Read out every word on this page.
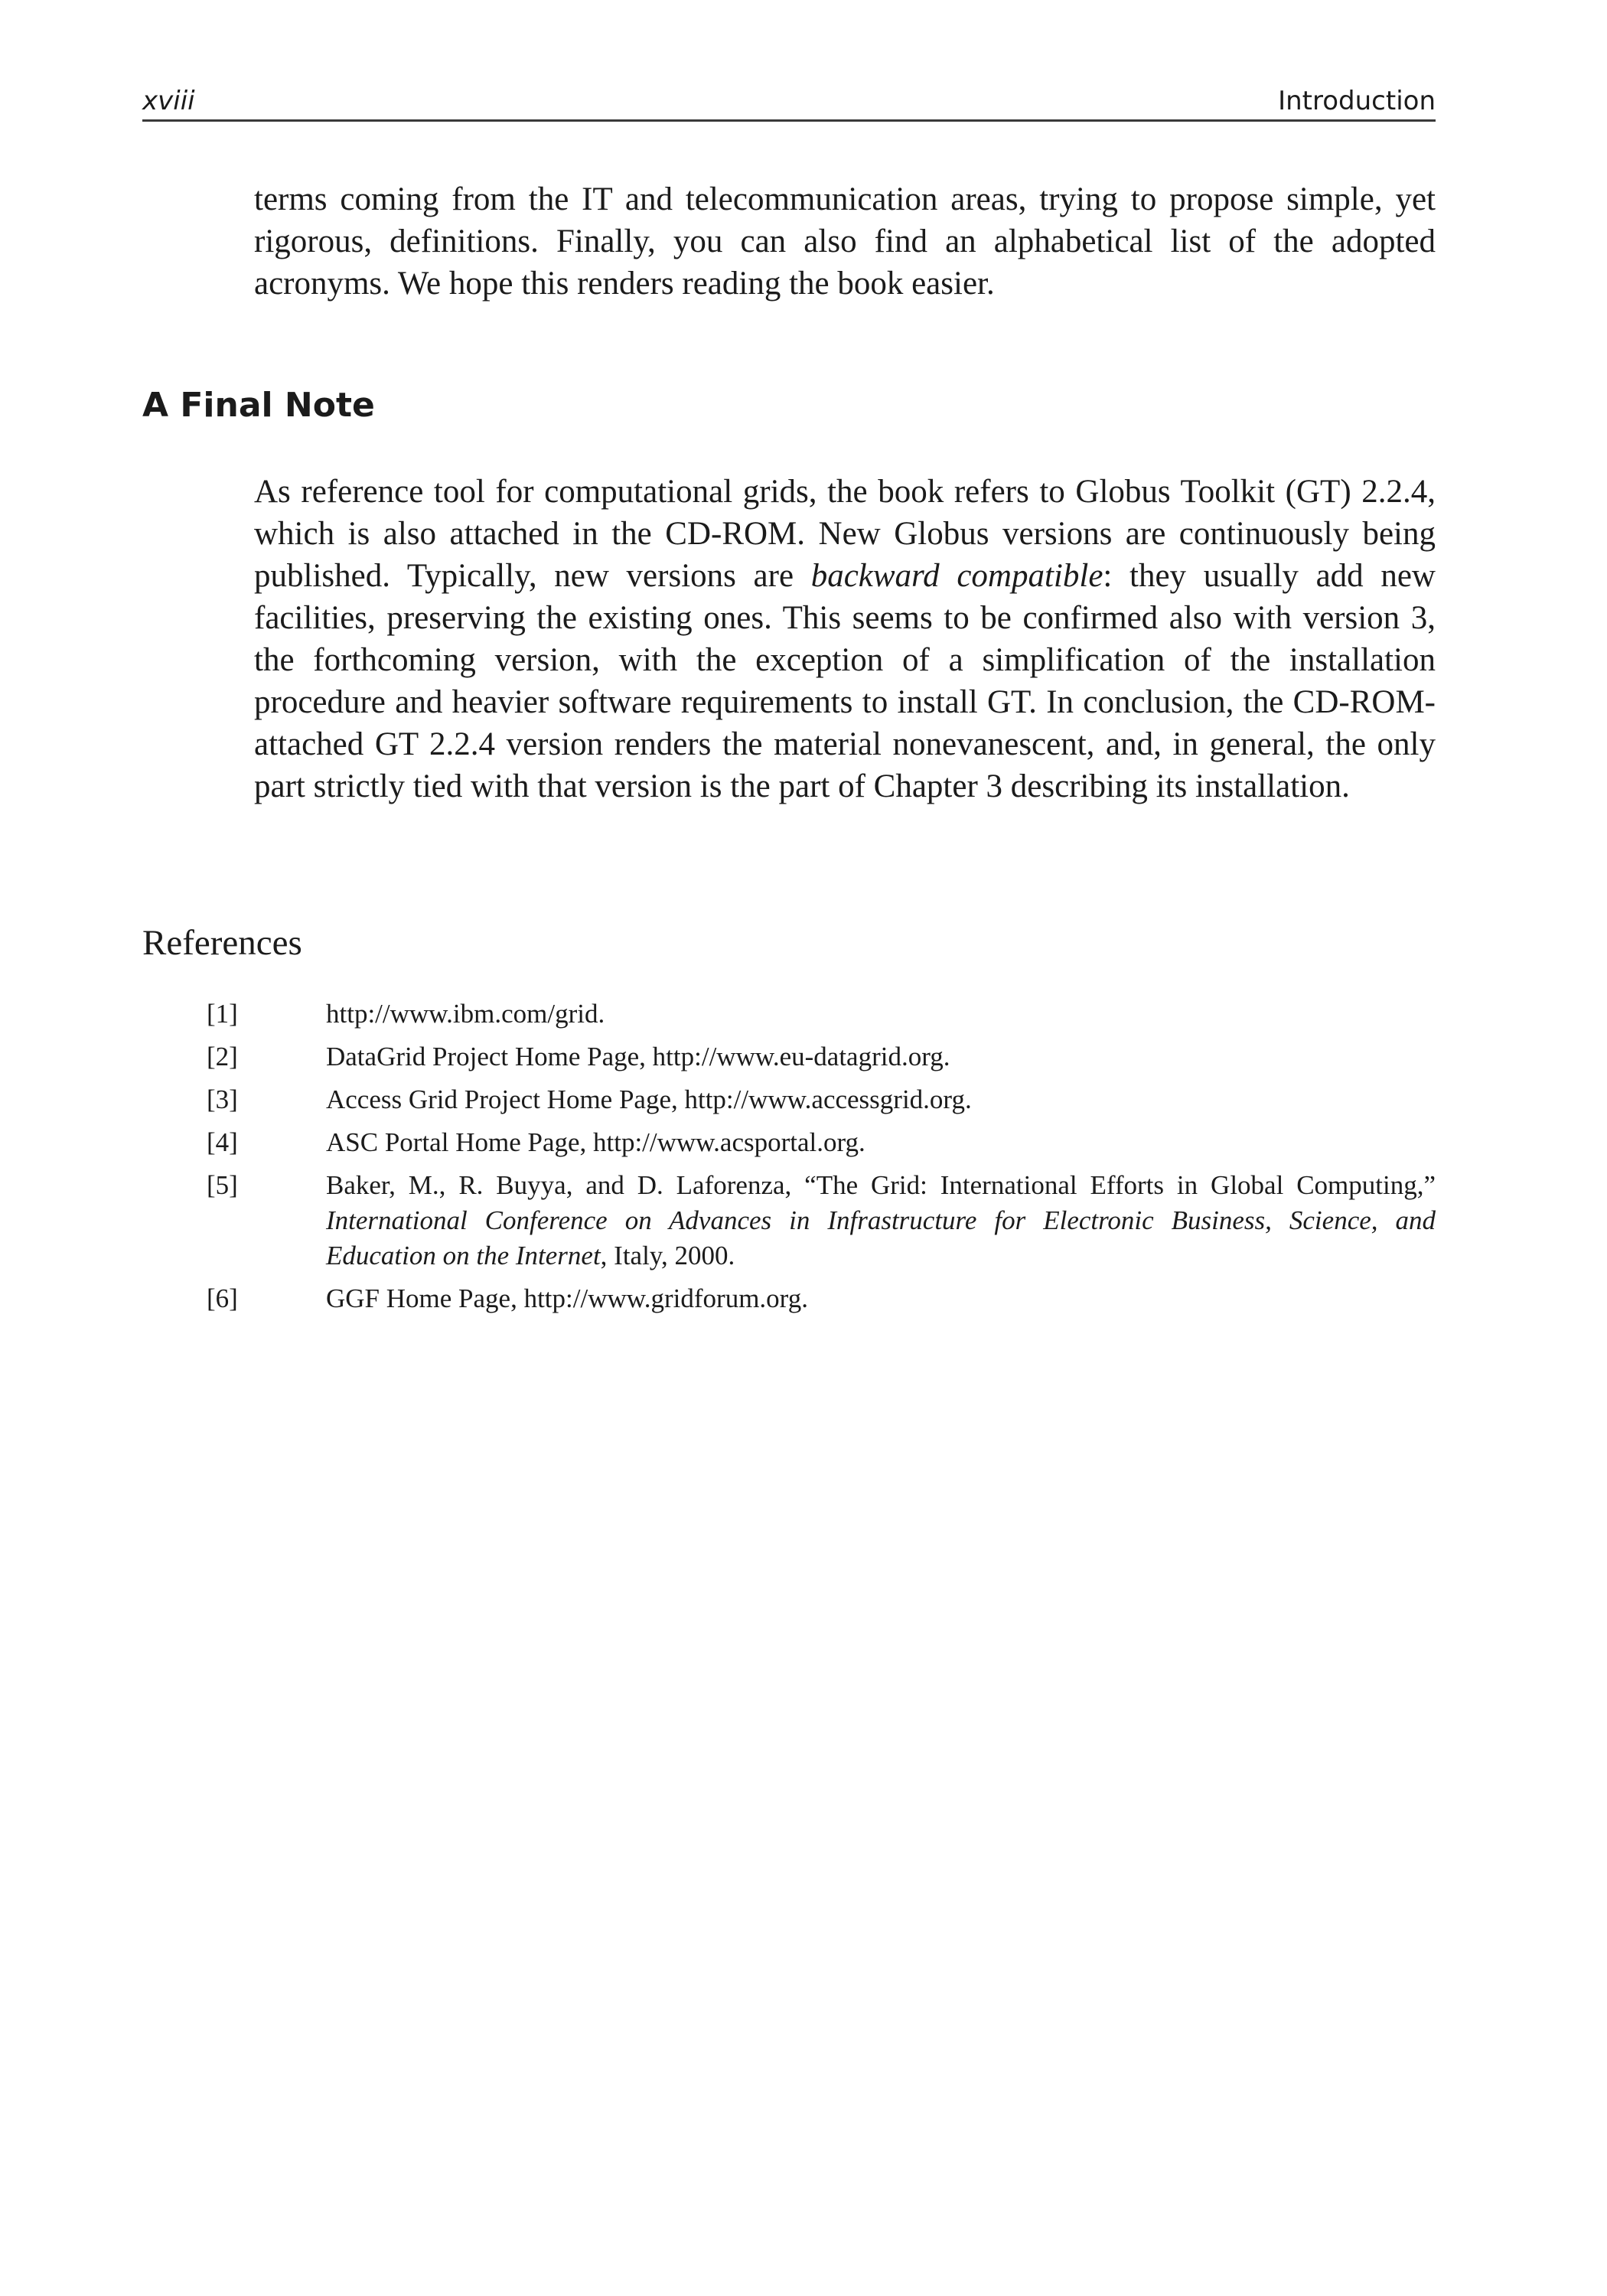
xviii	Introduction

terms coming from the IT and telecommunication areas, trying to propose simple, yet rigorous, definitions. Finally, you can also find an alphabetical list of the adopted acronyms. We hope this renders reading the book easier.

A Final Note

As reference tool for computational grids, the book refers to Globus Toolkit (GT) 2.2.4, which is also attached in the CD-ROM. New Globus versions are continuously being published. Typically, new versions are backward compatible: they usually add new facilities, preserving the existing ones. This seems to be confirmed also with version 3, the forthcoming version, with the exception of a simplification of the installation procedure and heavier software requirements to install GT. In conclusion, the CD-ROM-attached GT 2.2.4 version renders the material nonevanescent, and, in general, the only part strictly tied with that version is the part of Chapter 3 describing its installation.

References
[1]	http://www.ibm.com/grid.
[2]	DataGrid Project Home Page, http://www.eu-datagrid.org.
[3]	Access Grid Project Home Page, http://www.accessgrid.org.
[4]	ASC Portal Home Page, http://www.acsportal.org.
[5]	Baker, M., R. Buyya, and D. Laforenza, “The Grid: International Efforts in Global Computing,” International Conference on Advances in Infrastructure for Electronic Business, Science, and Education on the Internet, Italy, 2000.
[6]	GGF Home Page, http://www.gridforum.org.
